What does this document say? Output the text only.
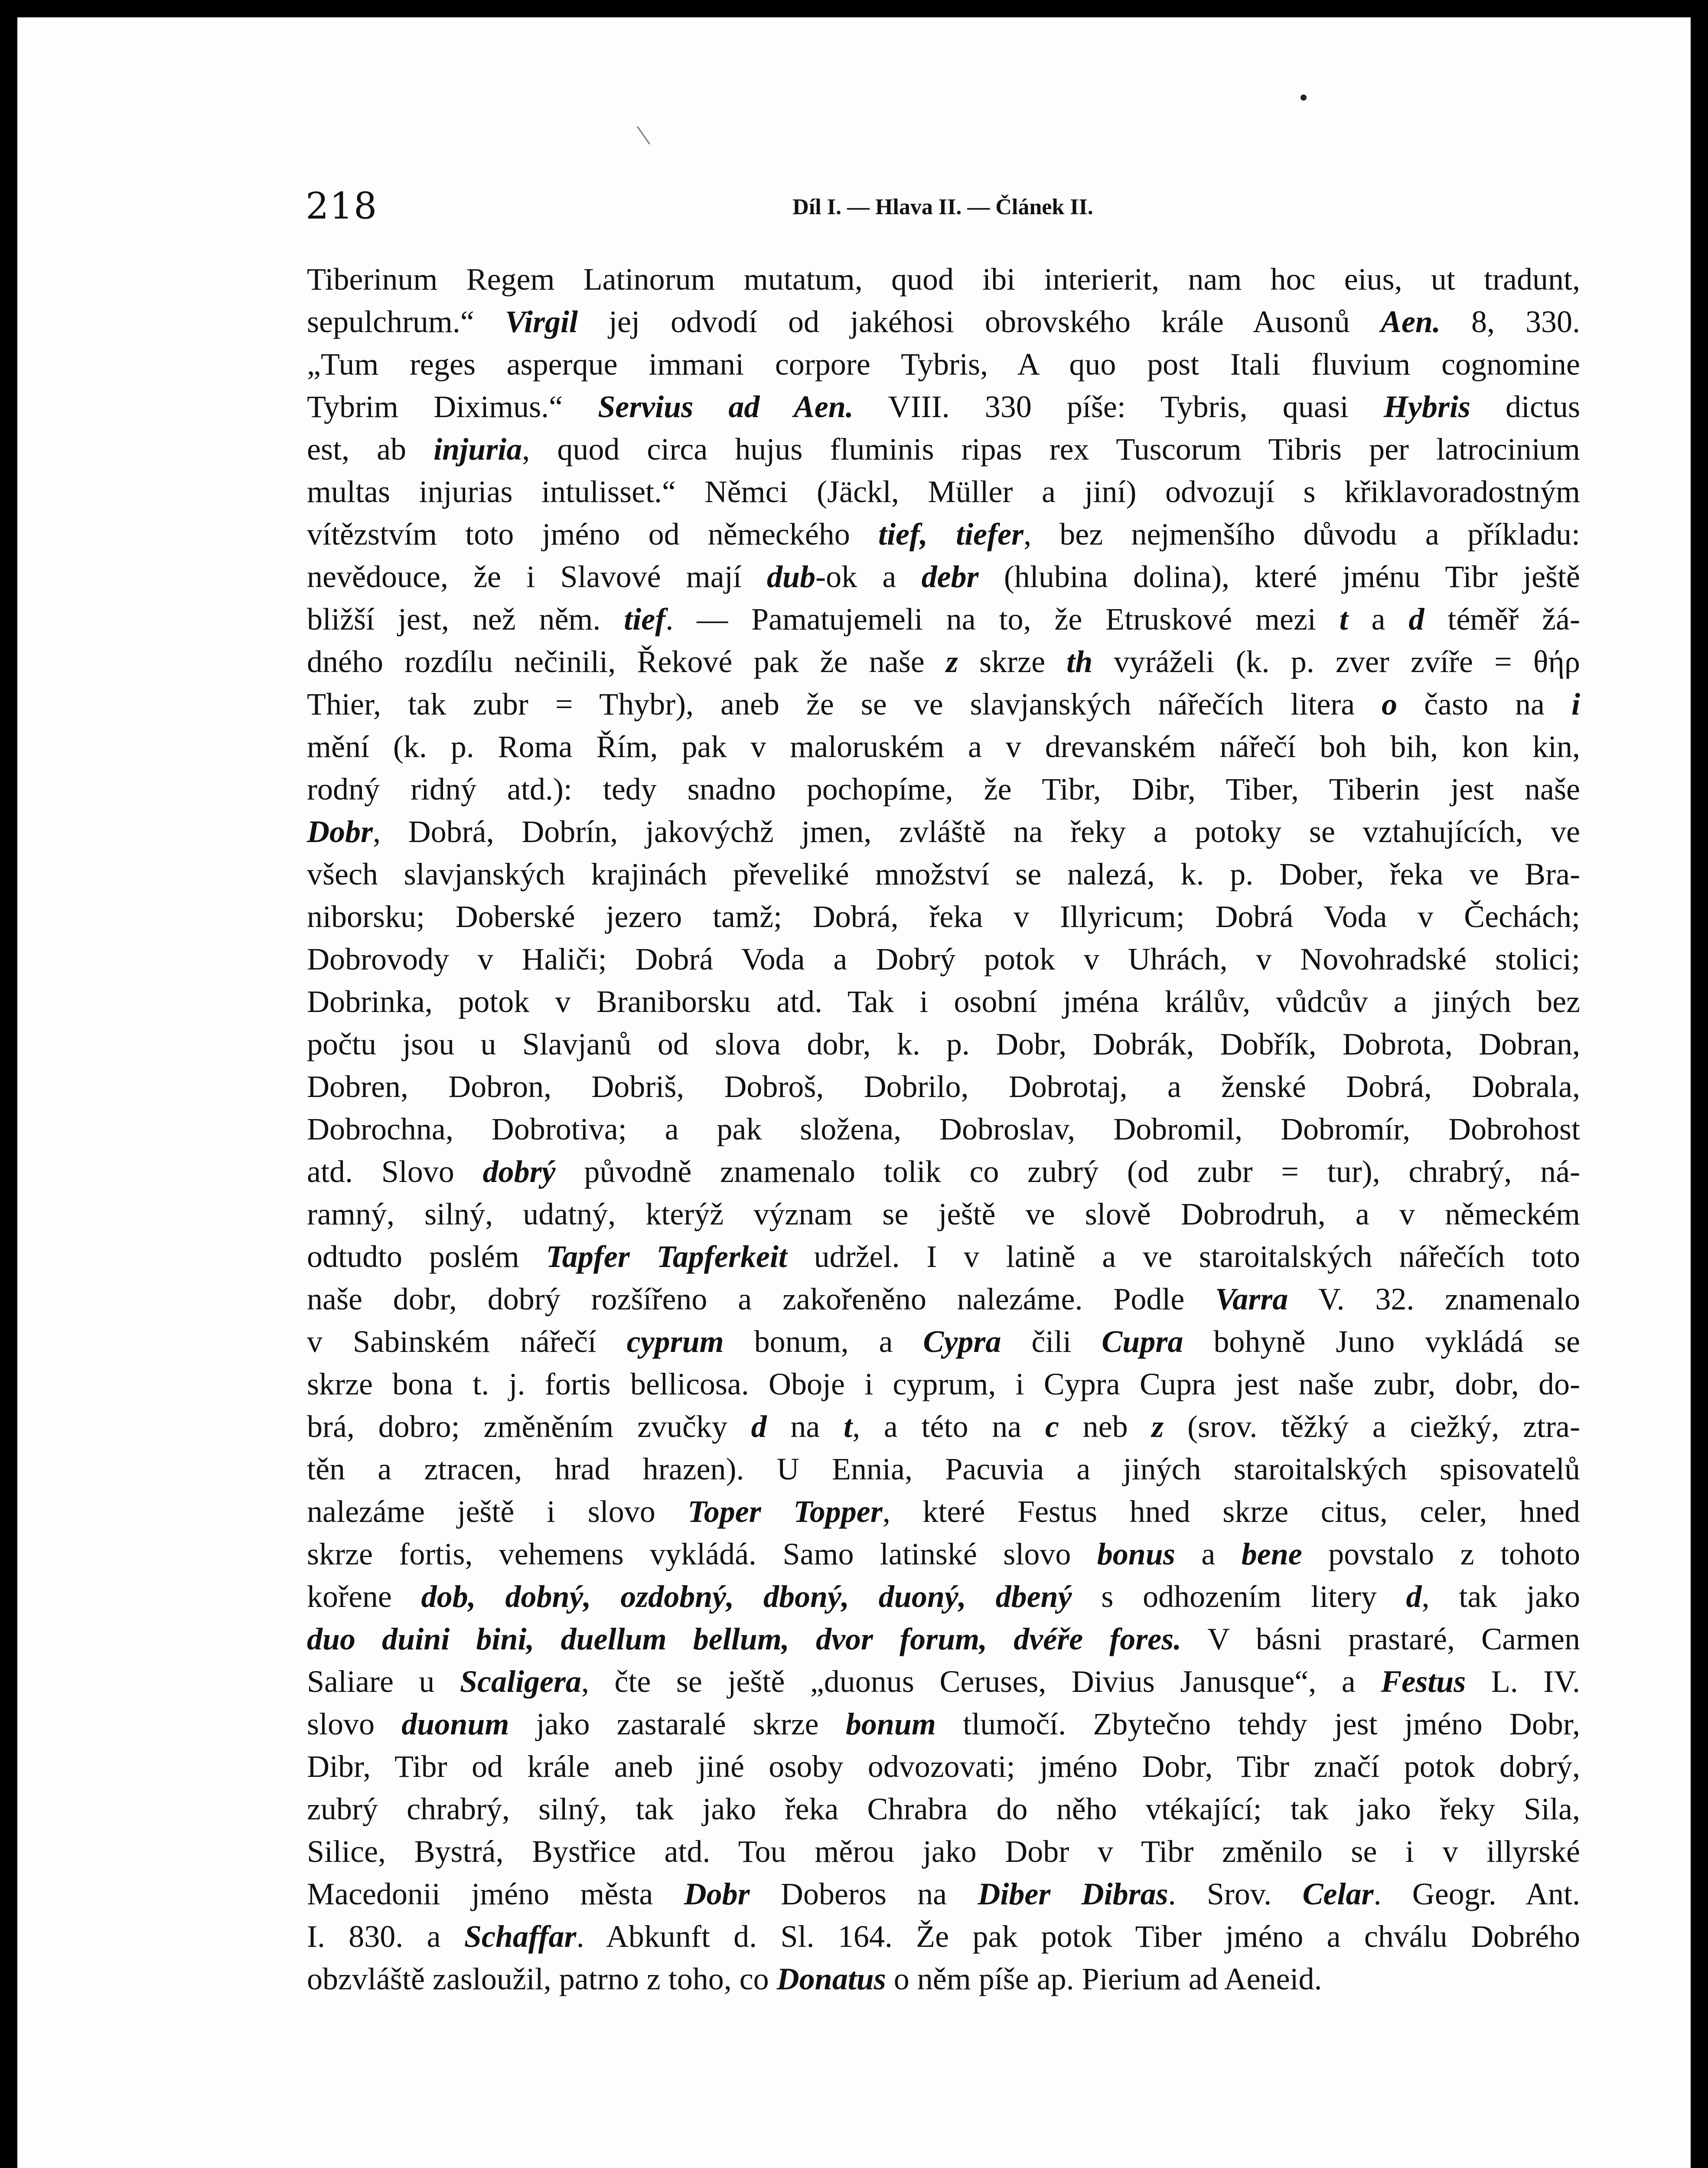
218	Díl I. — Hlava II. — Článek II.
Tiberinum Regem Latinorum mutatum, quod ibi interierit, nam hoc eius, ut tradunt,
sepulchrum.“ Virgil jej odvodí od jakéhosi obrovského krále Ausonů Aen. 8, 330.
„Tum reges asperque immani corpore Tybris, A quo post Itali fluvium cognomine
Tybrim Diximus.“ Servius ad Aen. VIII. 330 píše: Tybris, quasi Hybris dictus
est, ab injuria, quod circa hujus fluminis ripas rex Tuscorum Tibris per latrocinium
multas injurias intulisset.“ Němci (Jäckl, Müller a jiní) odvozují s křiklavoradostným
vítězstvím toto jméno od německého tief, tiefer, bez nejmenšího důvodu a příkladu:
nevědouce, že i Slavové mají dub-ok a debr (hlubina dolina), které jménu Tibr ještě
bližší jest, než něm. tief. — Pamatujemeli na to, že Etruskové mezi t a d téměř žá-
dného rozdílu nečinili, Řekové pak že naše z skrze th vyráželi (k. p. zver zvíře = θήρ
Thier, tak zubr = Thybr), aneb že se ve slavjanských nářečích litera o často na i
mění (k. p. Roma Řím, pak v maloruském a v drevanském nářečí boh bih, kon kin,
rodný ridný atd.): tedy snadno pochopíme, že Tibr, Dibr, Tiber, Tiberin jest naše
Dobr, Dobrá, Dobrín, jakovýchž jmen, zvláště na řeky a potoky se vztahujících, ve
všech slavjanských krajinách převeliké množství se nalezá, k. p. Dober, řeka ve Bra-
niborsku; Doberské jezero tamž; Dobrá, řeka v Illyricum; Dobrá Voda v Čechách;
Dobrovody v Haliči; Dobrá Voda a Dobrý potok v Uhrách, v Novohradské stolici;
Dobrinka, potok v Braniborsku atd. Tak i osobní jména králův, vůdcův a jiných bez
počtu jsou u Slavjanů od slova dobr, k. p. Dobr, Dobrák, Dobřík, Dobrota, Dobran,
Dobren, Dobron, Dobriš, Dobroš, Dobrilo, Dobrotaj, a ženské Dobrá, Dobrala,
Dobrochna, Dobrotiva; a pak složena, Dobroslav, Dobromil, Dobromír, Dobrohost
atd. Slovo dobrý původně znamenalo tolik co zubrý (od zubr = tur), chrabrý, ná-
ramný, silný, udatný, kterýž význam se ještě ve slově Dobrodruh, a v německém
odtudto poslém Tapfer Tapferkeit udržel. I v latině a ve staroitalských nářečích toto
naše dobr, dobrý rozšířeno a zakořeněno nalezáme. Podle Varra V. 32. znamenalo
v Sabinském nářečí cyprum bonum, a Cypra čili Cupra bohyně Juno vykládá se
skrze bona t. j. fortis bellicosa. Oboje i cyprum, i Cypra Cupra jest naše zubr, dobr, do-
brá, dobro; změněním zvučky d na t, a této na c neb z (srov. těžký a ciežký, ztra-
těn a ztracen, hrad hrazen). U Ennia, Pacuvia a jiných staroitalských spisovatelů
nalezáme ještě i slovo Toper Topper, které Festus hned skrze citus, celer, hned
skrze fortis, vehemens vykládá. Samo latinské slovo bonus a bene povstalo z tohoto
kořene dob, dobný, ozdobný, dboný, duoný, dbený s odhozením litery d, tak jako
duo duini bini, duellum bellum, dvor forum, dvéře fores. V básni prastaré, Carmen
Saliare u Scaligera, čte se ještě „duonus Ceruses, Divius Janusque“, a Festus L. IV.
slovo duonum jako zastaralé skrze bonum tlumočí. Zbytečno tehdy jest jméno Dobr,
Dibr, Tibr od krále aneb jiné osoby odvozovati; jméno Dobr, Tibr značí potok dobrý,
zubrý chrabrý, silný, tak jako řeka Chrabra do něho vtékající; tak jako řeky Sila,
Silice, Bystrá, Bystřice atd. Tou měrou jako Dobr v Tibr změnilo se i v illyrské
Macedonii jméno města Dobr Doberos na Diber Dibras. Srov. Celar. Geogr. Ant.
I. 830. a Schaffar. Abkunft d. Sl. 164. Že pak potok Tiber jméno a chválu Dobrého
obzvláště zasloužil, patrno z toho, co Donatus o něm píše ap. Pierium ad Aeneid.
